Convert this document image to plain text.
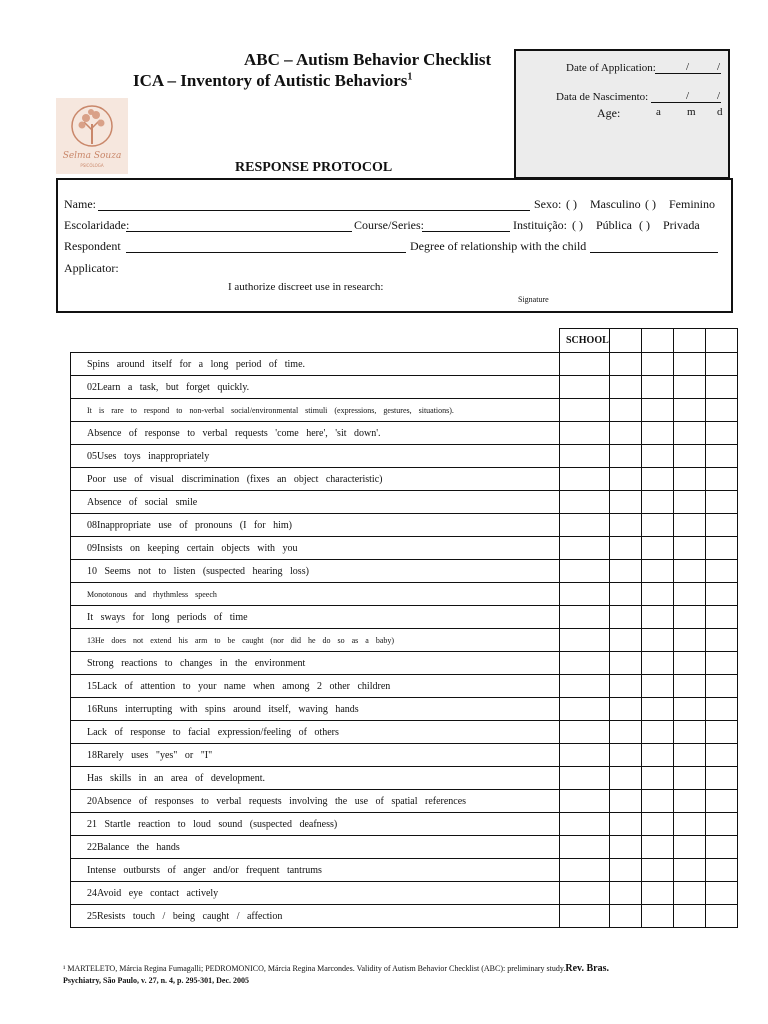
ABC – Autism Behavior Checklist
ICA – Inventory of Autistic Behaviors$^1$
Selma Souza
PSICÓLOGA	RESPONSE PROTOCOL
Date of Application:	/	/
Data de Nascimento:	/	/
Age:	a m d
Name:	Sexo: ( ) Masculino ( ) Feminino
Escolaridade:	Course/Series:	Instituição: ( ) Pública ( ) Privada
Respondent	Degree of relationship with the child
Applicator:
I authorize discreet use in research:
Signature
	SCHOOL				
Spins around itself for a long period of time.					
02Learn a task, but forget quickly.					
It is rare to respond to non-verbal social/environmental stimuli (expressions, gestures, situations).					
Absence of response to verbal requests 'come here', 'sit down'.					
05Uses toys inappropriately					
Poor use of visual discrimination (fixes an object characteristic)					
Absence of social smile					
08Inappropriate use of pronouns (I for him)					
09Insists on keeping certain objects with you					
10 Seems not to listen (suspected hearing loss)					
Monotonous and rhythmless speech					
It sways for long periods of time					
13He does not extend his arm to be caught (nor did he do so as a baby)					
Strong reactions to changes in the environment					
15Lack of attention to your name when among 2 other children					
16Runs interrupting with spins around itself, waving hands					
Lack of response to facial expression/feeling of others					
18Rarely uses "yes" or "I"					
Has skills in an area of development.					
20Absence of responses to verbal requests involving the use of spatial references					
21 Startle reaction to loud sound (suspected deafness)					
22Balance the hands					
Intense outbursts of anger and/or frequent tantrums					
24Avoid eye contact actively					
25Resists touch / being caught / affection					
¹ MARTELETO, Márcia Regina Fumagalli; PEDROMONICO, Márcia Regina Marcondes. Validity of Autism Behavior Checklist (ABC): preliminary study.Rev. Bras.
Psychiatry, São Paulo, v. 27, n. 4, p. 295-301, Dec. 2005
